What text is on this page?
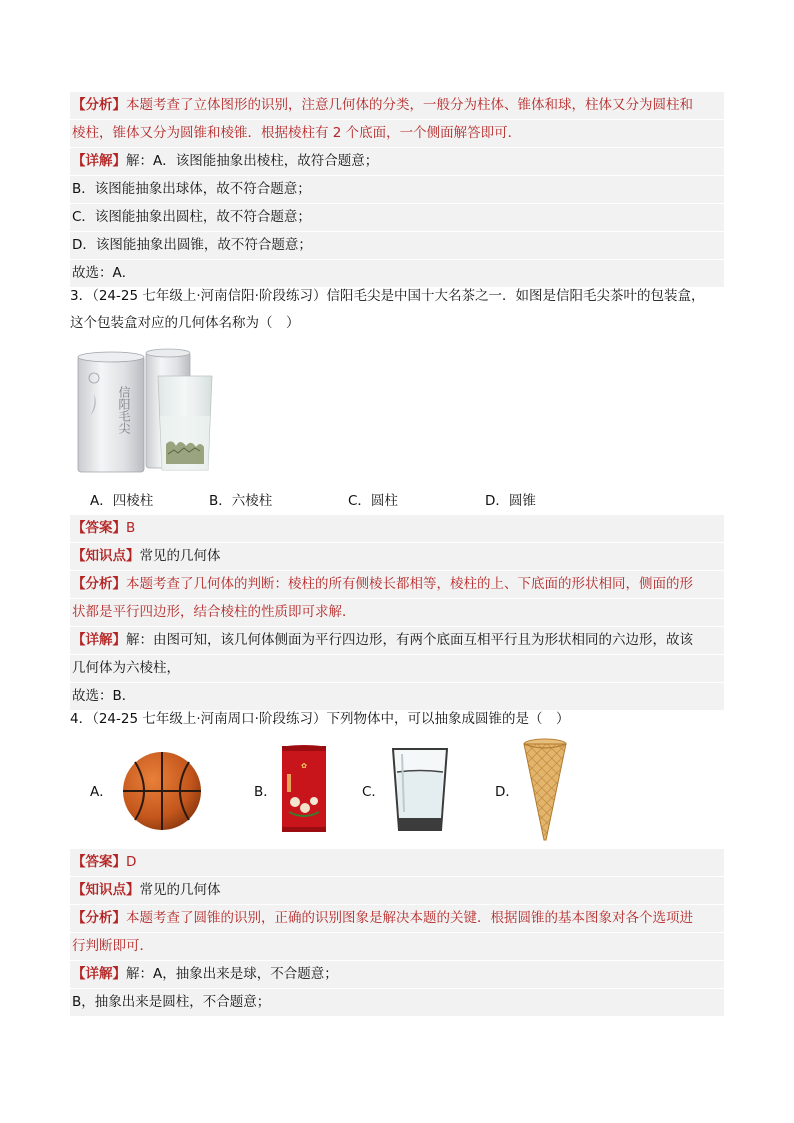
【分析】本题考查了立体图形的识别，注意几何体的分类，一般分为柱体、锥体和球，柱体又分为圆柱和
棱柱，锥体又分为圆锥和棱锥．根据棱柱有 2 个底面，一个侧面解答即可．
【详解】解：A．该图能抽象出棱柱，故符合题意；
B．该图能抽象出球体，故不符合题意；
C．该图能抽象出圆柱，故不符合题意；
D．该图能抽象出圆锥，故不符合题意；
故选：A．
3．（24-25 七年级上·河南信阳·阶段练习）信阳毛尖是中国十大名茶之一．如图是信阳毛尖茶叶的包装盒，
这个包装盒对应的几何体名称为（　）
信阳毛尖
A．四棱柱	B．六棱柱	C．圆柱	D．圆锥
【答案】B
【知识点】常见的几何体
【分析】本题考查了几何体的判断：棱柱的所有侧棱长都相等，棱柱的上、下底面的形状相同，侧面的形
状都是平行四边形，结合棱柱的性质即可求解．
【详解】解：由图可知，该几何体侧面为平行四边形，有两个底面互相平行且为形状相同的六边形，故该
几何体为六棱柱，
故选：B．
4．（24-25 七年级上·河南周口·阶段练习）下列物体中，可以抽象成圆锥的是（　）
A．	B．
✿
C．	D．
【答案】D
【知识点】常见的几何体
【分析】本题考查了圆锥的识别，正确的识别图象是解决本题的关键．根据圆锥的基本图象对各个选项进
行判断即可．
【详解】解：A，抽象出来是球，不合题意；
B，抽象出来是圆柱，不合题意；
